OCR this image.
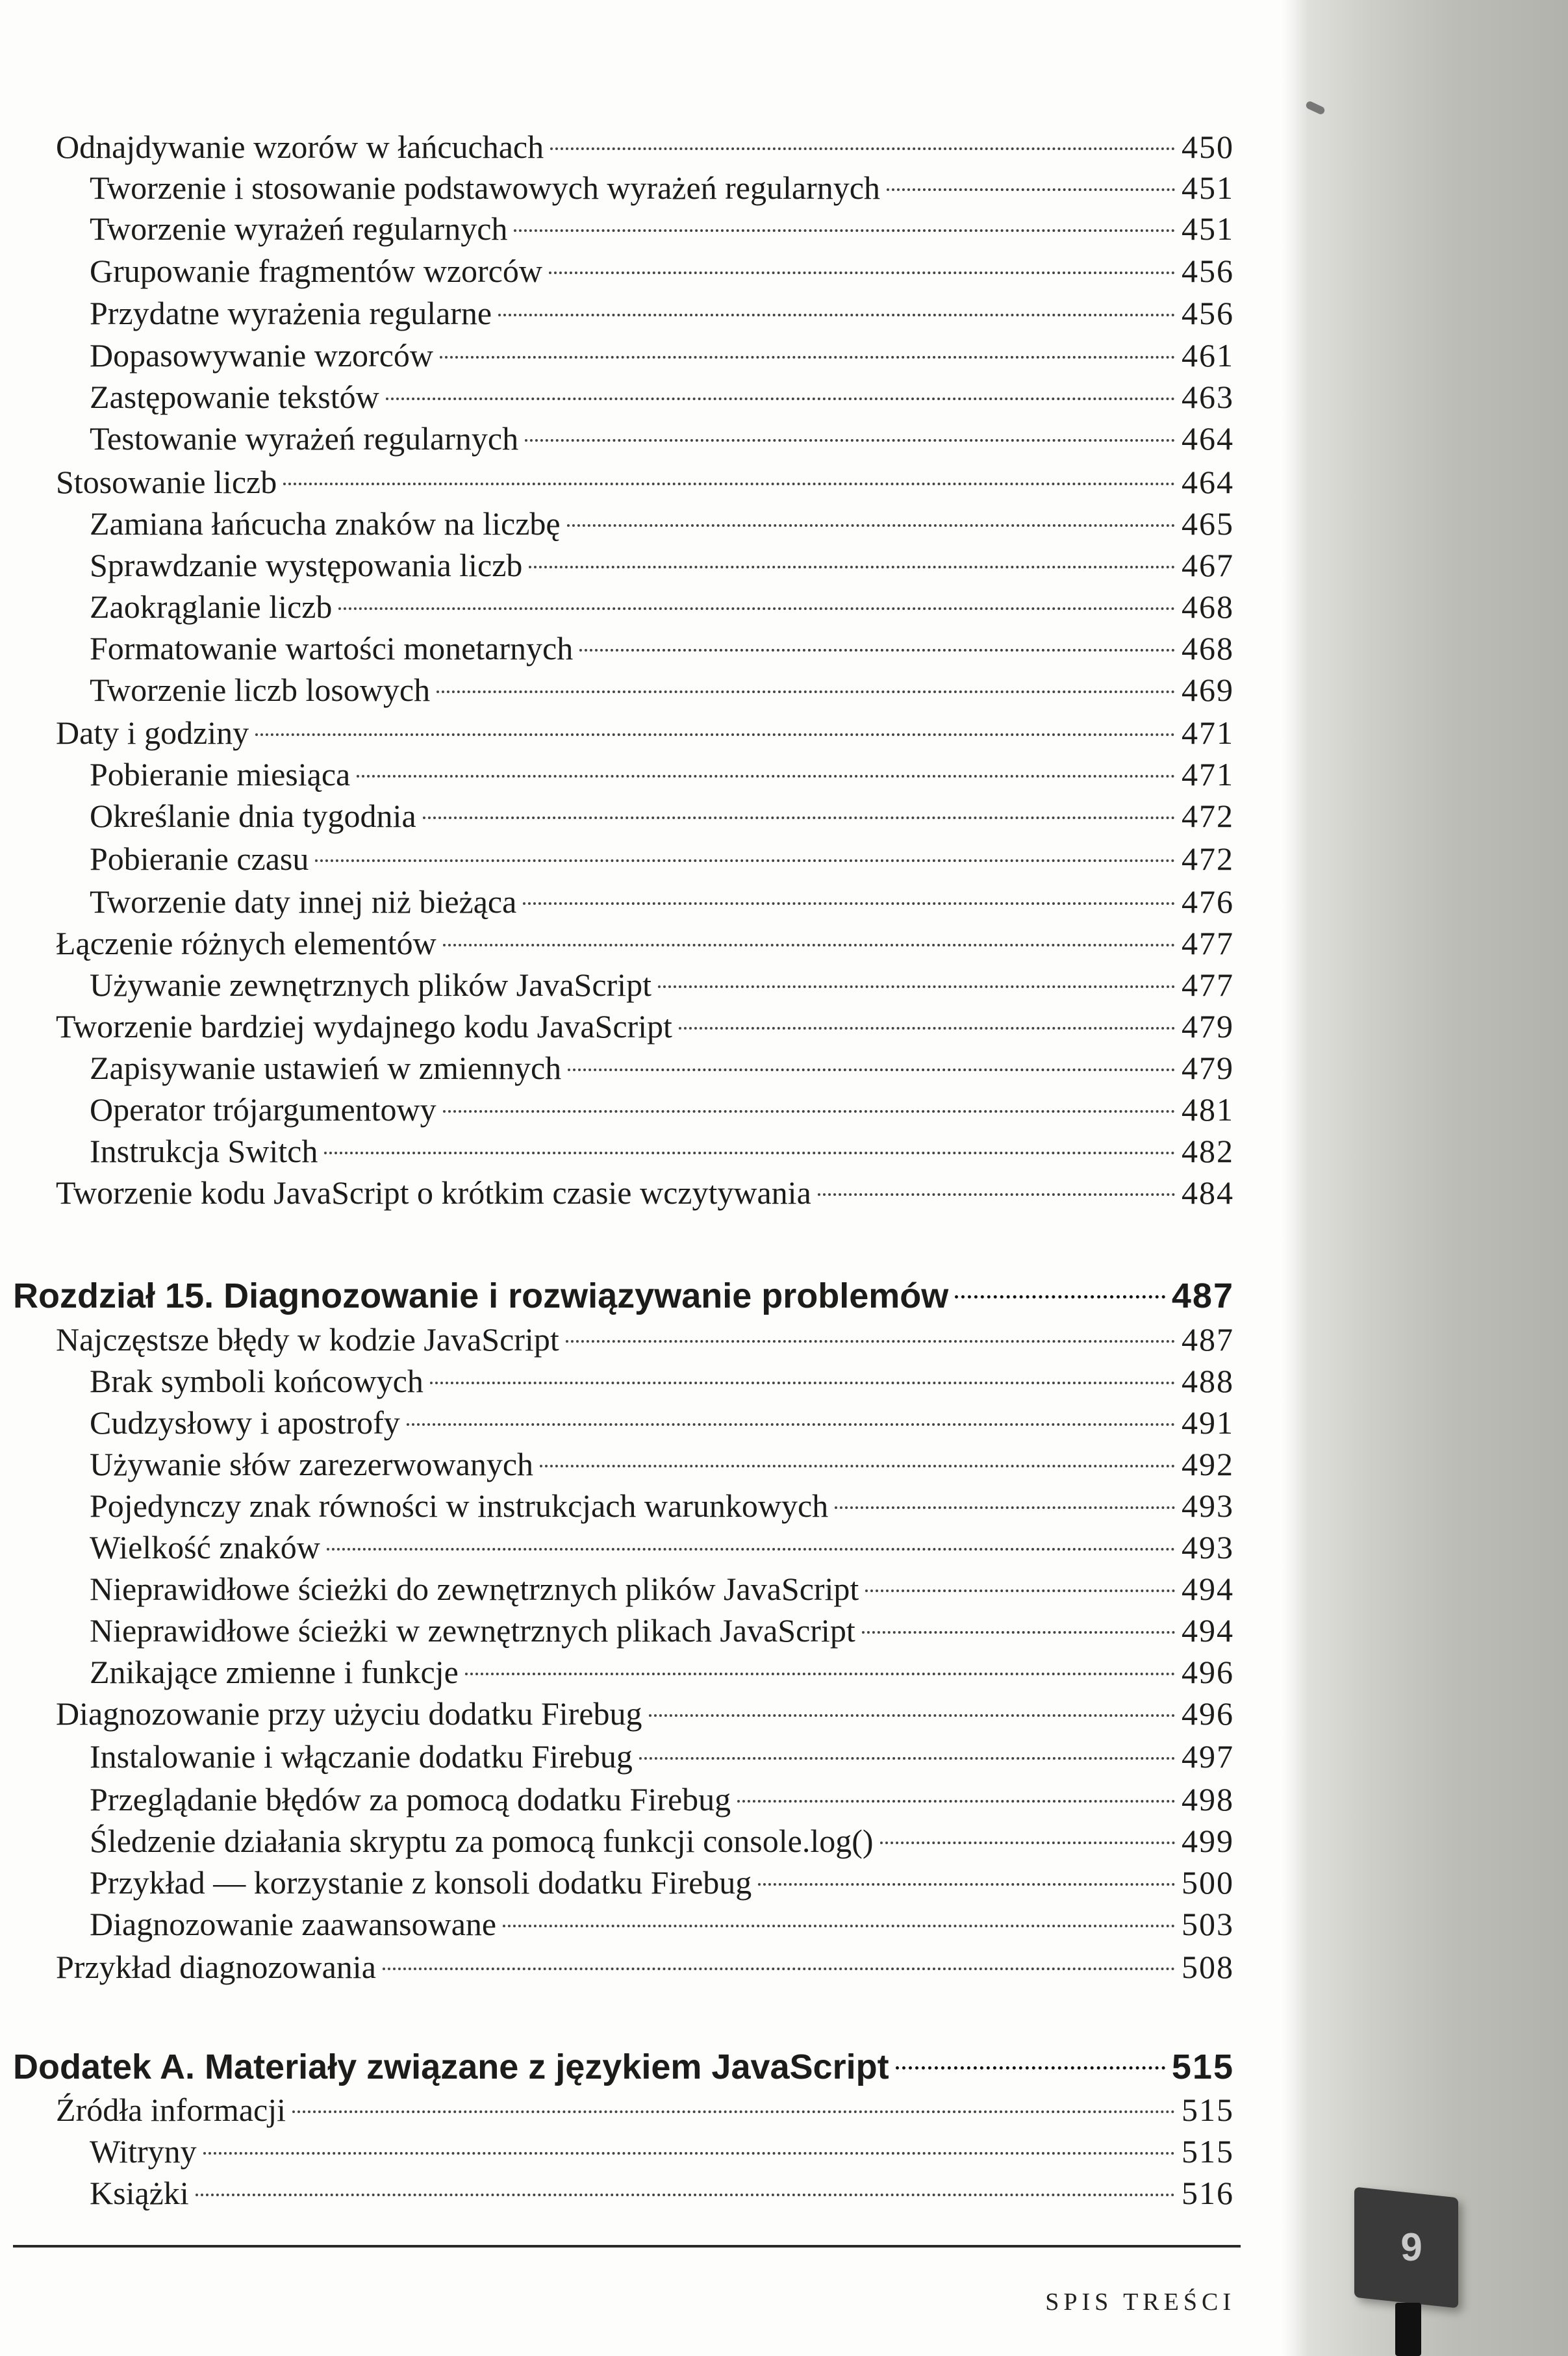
Odnajdywanie wzorów w łańcuchach	450
Tworzenie i stosowanie podstawowych wyrażeń regularnych	451
Tworzenie wyrażeń regularnych	451
Grupowanie fragmentów wzorców	456
Przydatne wyrażenia regularne	456
Dopasowywanie wzorców	461
Zastępowanie tekstów	463
Testowanie wyrażeń regularnych	464
Stosowanie liczb	464
Zamiana łańcucha znaków na liczbę	465
Sprawdzanie występowania liczb	467
Zaokrąglanie liczb	468
Formatowanie wartości monetarnych	468
Tworzenie liczb losowych	469
Daty i godziny	471
Pobieranie miesiąca	471
Określanie dnia tygodnia	472
Pobieranie czasu	472
Tworzenie daty innej niż bieżąca	476
Łączenie różnych elementów	477
Używanie zewnętrznych plików JavaScript	477
Tworzenie bardziej wydajnego kodu JavaScript	479
Zapisywanie ustawień w zmiennych	479
Operator trójargumentowy	481
Instrukcja Switch	482
Tworzenie kodu JavaScript o krótkim czasie wczytywania	484
Rozdział 15. Diagnozowanie i rozwiązywanie problemów	487
Najczęstsze błędy w kodzie JavaScript	487
Brak symboli końcowych	488
Cudzysłowy i apostrofy	491
Używanie słów zarezerwowanych	492
Pojedynczy znak równości w instrukcjach warunkowych	493
Wielkość znaków	493
Nieprawidłowe ścieżki do zewnętrznych plików JavaScript	494
Nieprawidłowe ścieżki w zewnętrznych plikach JavaScript	494
Znikające zmienne i funkcje	496
Diagnozowanie przy użyciu dodatku Firebug	496
Instalowanie i włączanie dodatku Firebug	497
Przeglądanie błędów za pomocą dodatku Firebug	498
Śledzenie działania skryptu za pomocą funkcji console.log()	499
Przykład — korzystanie z konsoli dodatku Firebug	500
Diagnozowanie zaawansowane	503
Przykład diagnozowania	508
Dodatek A. Materiały związane z językiem JavaScript	515
Źródła informacji	515
Witryny	515
Książki	516
SPIS TREŚCI
9
